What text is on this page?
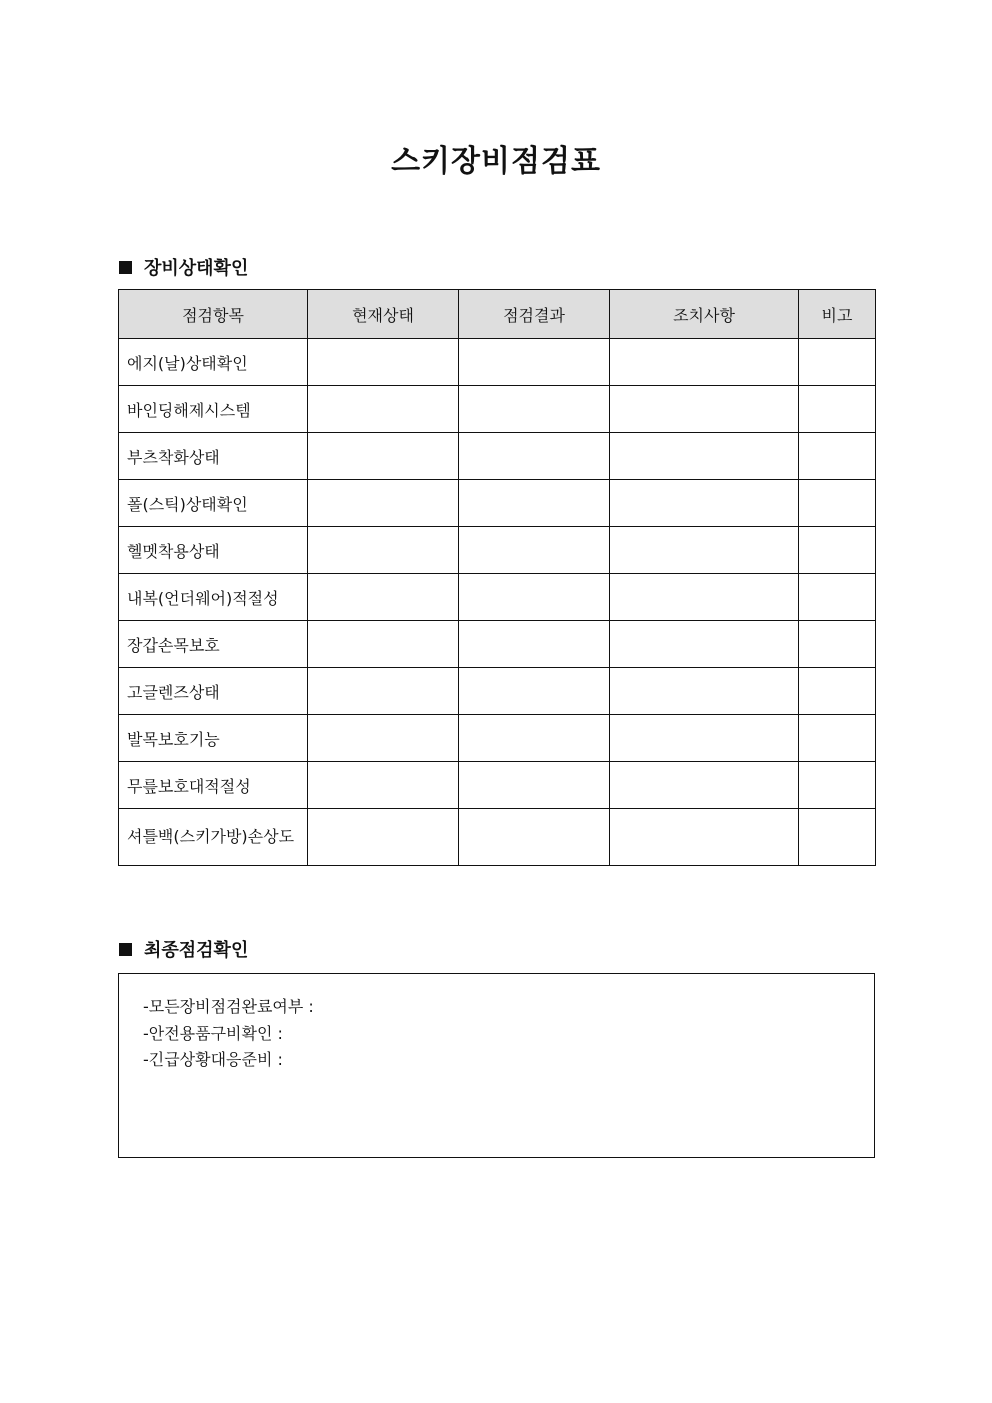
스키장비점검표
장비상태확인
점검항목	현재상태	점검결과	조치사항	비고
에지(날)상태확인				
바인딩해제시스템				
부츠착화상태				
폴(스틱)상태확인				
헬멧착용상태				
내복(언더웨어)적절성				
장갑손목보호				
고글렌즈상태				
발목보호기능				
무릎보호대적절성				
셔틀백(스키가방)손상도				
최종점검확인
-모든장비점검완료여부 :
-안전용품구비확인 :
-긴급상황대응준비 :
